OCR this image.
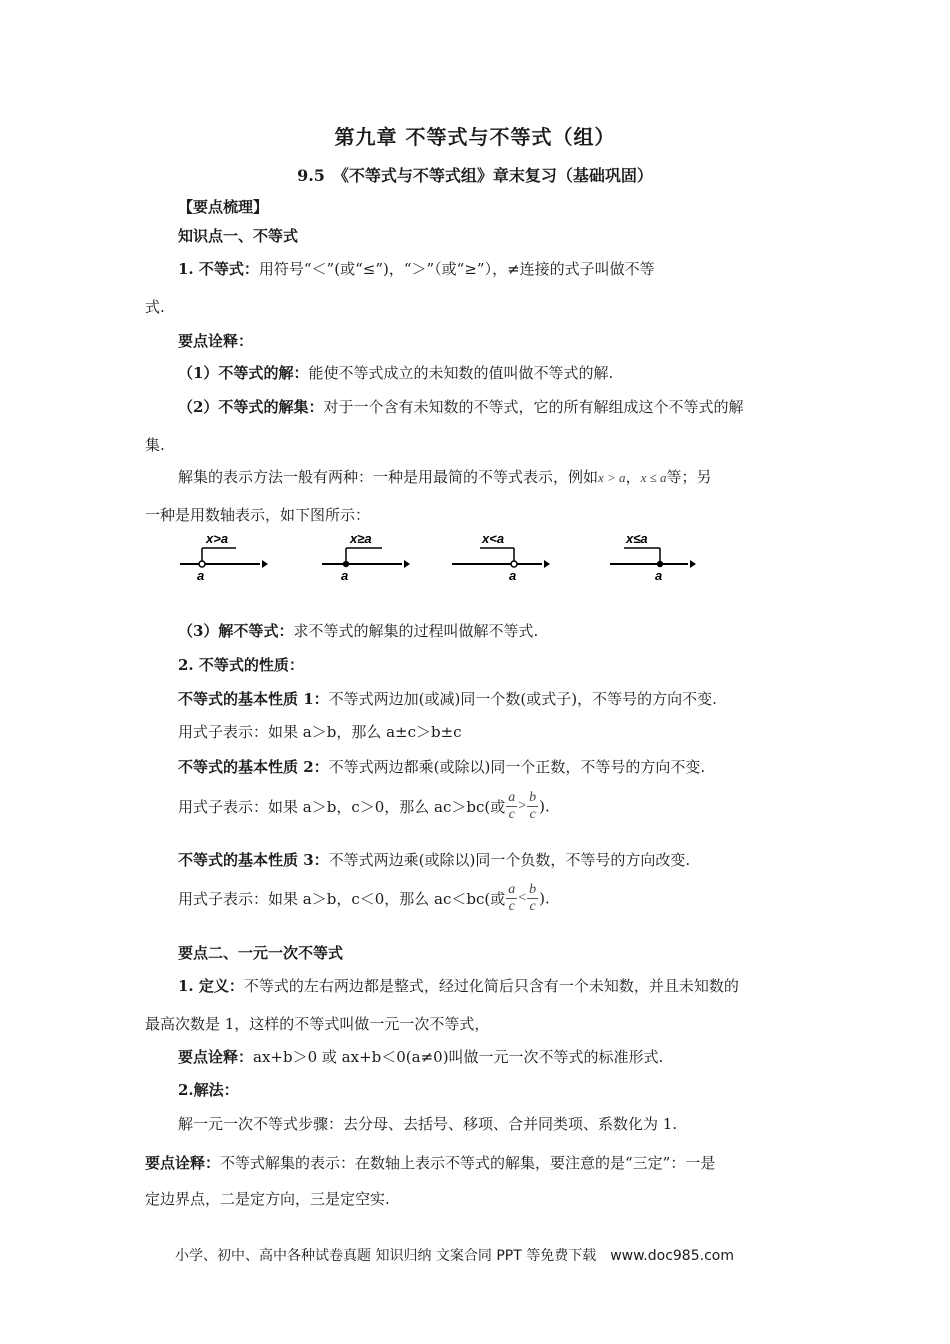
第九章 不等式与不等式（组）
9.5　《不等式与不等式组》章末复习（基础巩固）
【要点梳理】
知识点一、不等式
1. 不等式：用符号“＜”(或“≤”)，“＞”（或“≥”），≠连接的式子叫做不等
式.
要点诠释：
（1）不等式的解：能使不等式成立的未知数的值叫做不等式的解.
（2）不等式的解集：对于一个含有未知数的不等式，它的所有解组成这个不等式的解
集.
解集的表示方法一般有两种：一种是用最简的不等式表示，例如x > a，x ≤ a等；另
一种是用数轴表示，如下图所示：
x>a
a
x≥a
a
x<a
a
x≤a
a
（3）解不等式：求不等式的解集的过程叫做解不等式.
2. 不等式的性质：
不等式的基本性质 1：不等式两边加(或减)同一个数(或式子)，不等号的方向不变.
用式子表示：如果 a＞b，那么 a±c＞b±c
不等式的基本性质 2：不等式两边都乘(或除以)同一个正数，不等号的方向不变.
用式子表示：如果 a＞b，c＞0，那么 ac＞bc(或 $\frac{a}{c} > \frac{b}{c}$ ).
不等式的基本性质 3：不等式两边乘(或除以)同一个负数，不等号的方向改变.
用式子表示：如果 a＞b，c＜0，那么 ac＜bc(或 $\frac{a}{c} < \frac{b}{c}$ ).
要点二、一元一次不等式
1. 定义：不等式的左右两边都是整式，经过化简后只含有一个未知数，并且未知数的
最高次数是 1，这样的不等式叫做一元一次不等式，
要点诠释：ax+b＞0 或 ax+b＜0(a≠0)叫做一元一次不等式的标准形式.
2.解法：
解一元一次不等式步骤：去分母、去括号、移项、合并同类项、系数化为 1.
要点诠释：不等式解集的表示：在数轴上表示不等式的解集，要注意的是“三定”：一是
定边界点，二是定方向，三是定空实.
小学、初中、高中各种试卷真题 知识归纳 文案合同 PPT 等免费下载　www.doc985.com
